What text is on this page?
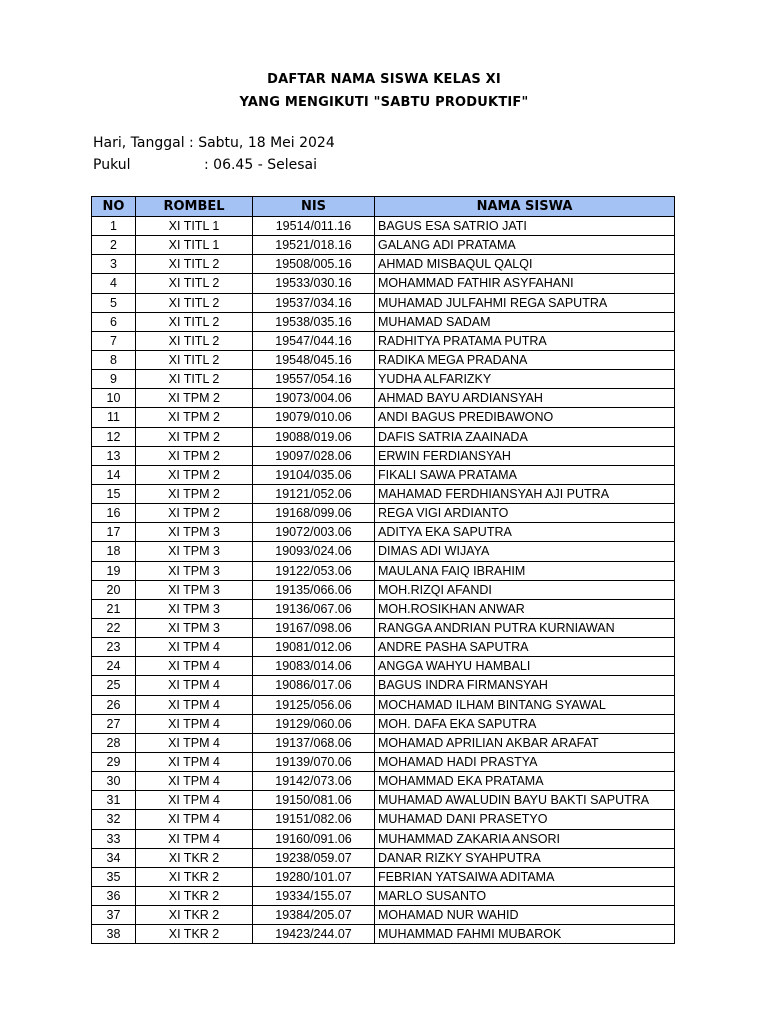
DAFTAR NAMA SISWA KELAS XI
YANG MENGIKUTI "SABTU PRODUKTIF"
Hari, Tanggal : Sabtu, 18 Mei 2024
Pukul	: 06.45 - Selesai
NO	ROMBEL	NIS	NAMA SISWA
1	XI TITL 1	19514/011.16	BAGUS ESA SATRIO JATI
2	XI TITL 1	19521/018.16	GALANG ADI PRATAMA
3	XI TITL 2	19508/005.16	AHMAD MISBAQUL QALQI
4	XI TITL 2	19533/030.16	MOHAMMAD FATHIR ASYFAHANI
5	XI TITL 2	19537/034.16	MUHAMAD JULFAHMI REGA SAPUTRA
6	XI TITL 2	19538/035.16	MUHAMAD SADAM
7	XI TITL 2	19547/044.16	RADHITYA PRATAMA PUTRA
8	XI TITL 2	19548/045.16	RADIKA MEGA PRADANA
9	XI TITL 2	19557/054.16	YUDHA ALFARIZKY
10	XI TPM 2	19073/004.06	AHMAD BAYU ARDIANSYAH
11	XI TPM 2	19079/010.06	ANDI BAGUS PREDIBAWONO
12	XI TPM 2	19088/019.06	DAFIS SATRIA ZAAINADA
13	XI TPM 2	19097/028.06	ERWIN FERDIANSYAH
14	XI TPM 2	19104/035.06	FIKALI SAWA PRATAMA
15	XI TPM 2	19121/052.06	MAHAMAD FERDHIANSYAH AJI PUTRA
16	XI TPM 2	19168/099.06	REGA VIGI ARDIANTO
17	XI TPM 3	19072/003.06	ADITYA EKA SAPUTRA
18	XI TPM 3	19093/024.06	DIMAS ADI WIJAYA
19	XI TPM 3	19122/053.06	MAULANA FAIQ IBRAHIM
20	XI TPM 3	19135/066.06	MOH.RIZQI AFANDI
21	XI TPM 3	19136/067.06	MOH.ROSIKHAN ANWAR
22	XI TPM 3	19167/098.06	RANGGA ANDRIAN PUTRA KURNIAWAN
23	XI TPM 4	19081/012.06	ANDRE PASHA SAPUTRA
24	XI TPM 4	19083/014.06	ANGGA WAHYU HAMBALI
25	XI TPM 4	19086/017.06	BAGUS INDRA FIRMANSYAH
26	XI TPM 4	19125/056.06	MOCHAMAD ILHAM BINTANG SYAWAL
27	XI TPM 4	19129/060.06	MOH. DAFA EKA SAPUTRA
28	XI TPM 4	19137/068.06	MOHAMAD APRILIAN AKBAR ARAFAT
29	XI TPM 4	19139/070.06	MOHAMAD HADI PRASTYA
30	XI TPM 4	19142/073.06	MOHAMMAD EKA PRATAMA
31	XI TPM 4	19150/081.06	MUHAMAD AWALUDIN BAYU BAKTI SAPUTRA
32	XI TPM 4	19151/082.06	MUHAMAD DANI PRASETYO
33	XI TPM 4	19160/091.06	MUHAMMAD ZAKARIA ANSORI
34	XI TKR 2	19238/059.07	DANAR RIZKY SYAHPUTRA
35	XI TKR 2	19280/101.07	FEBRIAN YATSAIWA ADITAMA
36	XI TKR 2	19334/155.07	MARLO SUSANTO
37	XI TKR 2	19384/205.07	MOHAMAD NUR WAHID
38	XI TKR 2	19423/244.07	MUHAMMAD FAHMI MUBAROK
